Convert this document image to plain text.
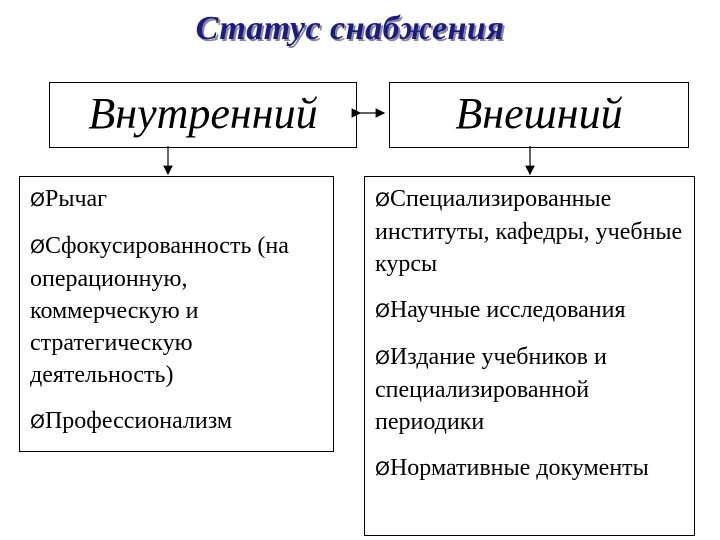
Статус снабжения
Внутренний	Внешний
ØРычаг
ØСфокусированность (на операционную, коммерческую и стратегическую деятельность)
ØПрофессионализм
ØСпециализированные институты, кафедры, учебные курсы
ØНаучные исследования
ØИздание учебников и специализированной периодики
ØНормативные документы
